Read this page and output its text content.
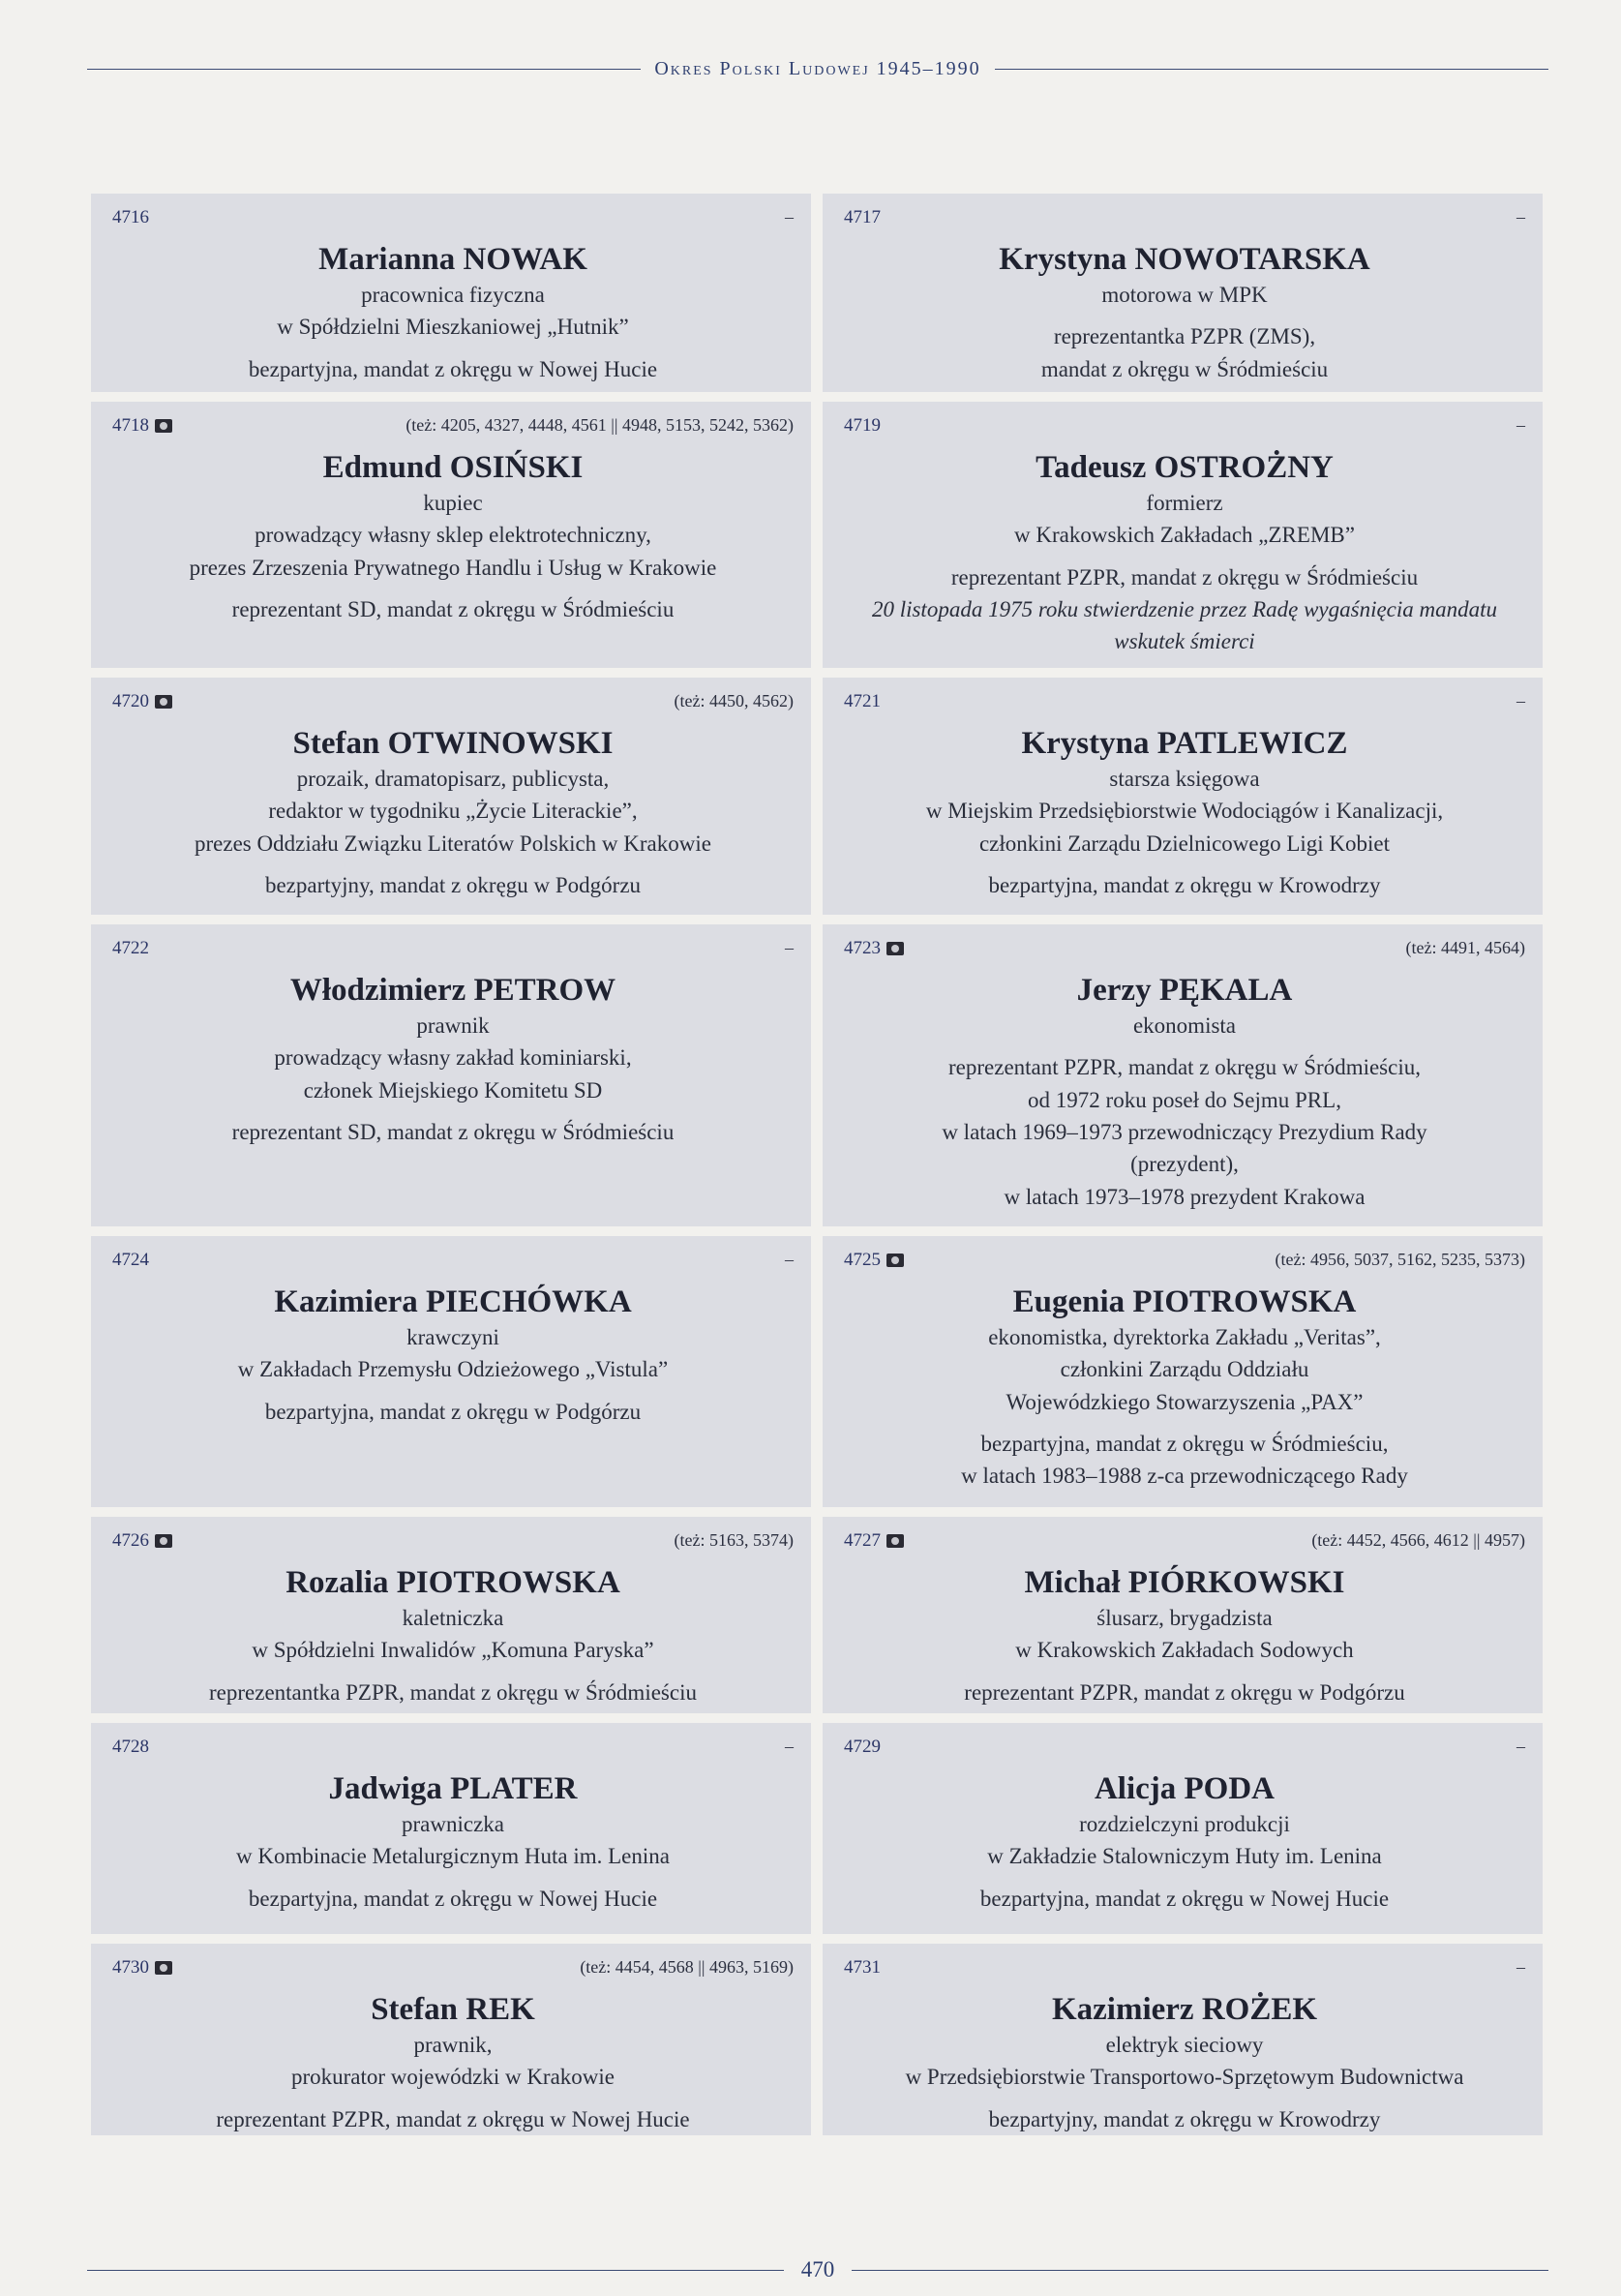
Okres Polski Ludowej 1945–1990
4716	–
Marianna NOWAK
pracownica fizyczna
w Spółdzielni Mieszkaniowej „Hutnik”
bezpartyjna, mandat z okręgu w Nowej Hucie
4717	–
Krystyna NOWOTARSKA
motorowa w MPK
reprezentantka PZPR (ZMS),
mandat z okręgu w Śródmieściu
4718	(też: 4205, 4327, 4448, 4561 || 4948, 5153, 5242, 5362)
Edmund OSIŃSKI
kupiec
prowadzący własny sklep elektrotechniczny,
prezes Zrzeszenia Prywatnego Handlu i Usług w Krakowie
reprezentant SD, mandat z okręgu w Śródmieściu
4719	–
Tadeusz OSTROŻNY
formierz
w Krakowskich Zakładach „ZREMB”
reprezentant PZPR, mandat z okręgu w Śródmieściu
20 listopada 1975 roku stwierdzenie przez Radę wygaśnięcia mandatu
wskutek śmierci
4720	(też: 4450, 4562)
Stefan OTWINOWSKI
prozaik, dramatopisarz, publicysta,
redaktor w tygodniku „Życie Literackie”,
prezes Oddziału Związku Literatów Polskich w Krakowie
bezpartyjny, mandat z okręgu w Podgórzu
4721	–
Krystyna PATLEWICZ
starsza księgowa
w Miejskim Przedsiębiorstwie Wodociągów i Kanalizacji,
członkini Zarządu Dzielnicowego Ligi Kobiet
bezpartyjna, mandat z okręgu w Krowodrzy
4722	–
Włodzimierz PETROW
prawnik
prowadzący własny zakład kominiarski,
członek Miejskiego Komitetu SD
reprezentant SD, mandat z okręgu w Śródmieściu
4723	(też: 4491, 4564)
Jerzy PĘKALA
ekonomista
reprezentant PZPR, mandat z okręgu w Śródmieściu,
od 1972 roku poseł do Sejmu PRL,
w latach 1969–1973 przewodniczący Prezydium Rady
(prezydent),
w latach 1973–1978 prezydent Krakowa
4724	–
Kazimiera PIECHÓWKA
krawczyni
w Zakładach Przemysłu Odzieżowego „Vistula”
bezpartyjna, mandat z okręgu w Podgórzu
4725	(też: 4956, 5037, 5162, 5235, 5373)
Eugenia PIOTROWSKA
ekonomistka, dyrektorka Zakładu „Veritas”,
członkini Zarządu Oddziału
Wojewódzkiego Stowarzyszenia „PAX”
bezpartyjna, mandat z okręgu w Śródmieściu,
w latach 1983–1988 z-ca przewodniczącego Rady
4726	(też: 5163, 5374)
Rozalia PIOTROWSKA
kaletniczka
w Spółdzielni Inwalidów „Komuna Paryska”
reprezentantka PZPR, mandat z okręgu w Śródmieściu
4727	(też: 4452, 4566, 4612 || 4957)
Michał PIÓRKOWSKI
ślusarz, brygadzista
w Krakowskich Zakładach Sodowych
reprezentant PZPR, mandat z okręgu w Podgórzu
4728	–
Jadwiga PLATER
prawniczka
w Kombinacie Metalurgicznym Huta im. Lenina
bezpartyjna, mandat z okręgu w Nowej Hucie
4729	–
Alicja PODA
rozdzielczyni produkcji
w Zakładzie Stalowniczym Huty im. Lenina
bezpartyjna, mandat z okręgu w Nowej Hucie
4730	(też: 4454, 4568 || 4963, 5169)
Stefan REK
prawnik,
prokurator wojewódzki w Krakowie
reprezentant PZPR, mandat z okręgu w Nowej Hucie
4731	–
Kazimierz ROŻEK
elektryk sieciowy
w Przedsiębiorstwie Transportowo-Sprzętowym Budownictwa
bezpartyjny, mandat z okręgu w Krowodrzy
470
